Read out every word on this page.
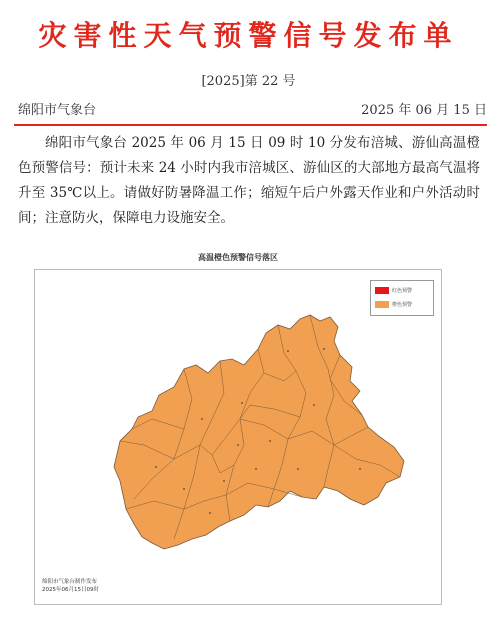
灾害性天气预警信号发布单
[2025]第 22 号
绵阳市气象台	2025 年 06 月 15 日
绵阳市气象台 2025 年 06 月 15 日 09 时 10 分发布涪城、游仙高温橙色预警信号：预计未来 24 小时内我市涪城区、游仙区的大部地方最高气温将升至 35℃以上。请做好防暑降温工作；缩短午后户外露天作业和户外活动时间；注意防火，保障电力设施安全。
高温橙色预警信号落区
红色预警
橙色预警
绵阳市气象台制作发布
2025年06月15日09时
